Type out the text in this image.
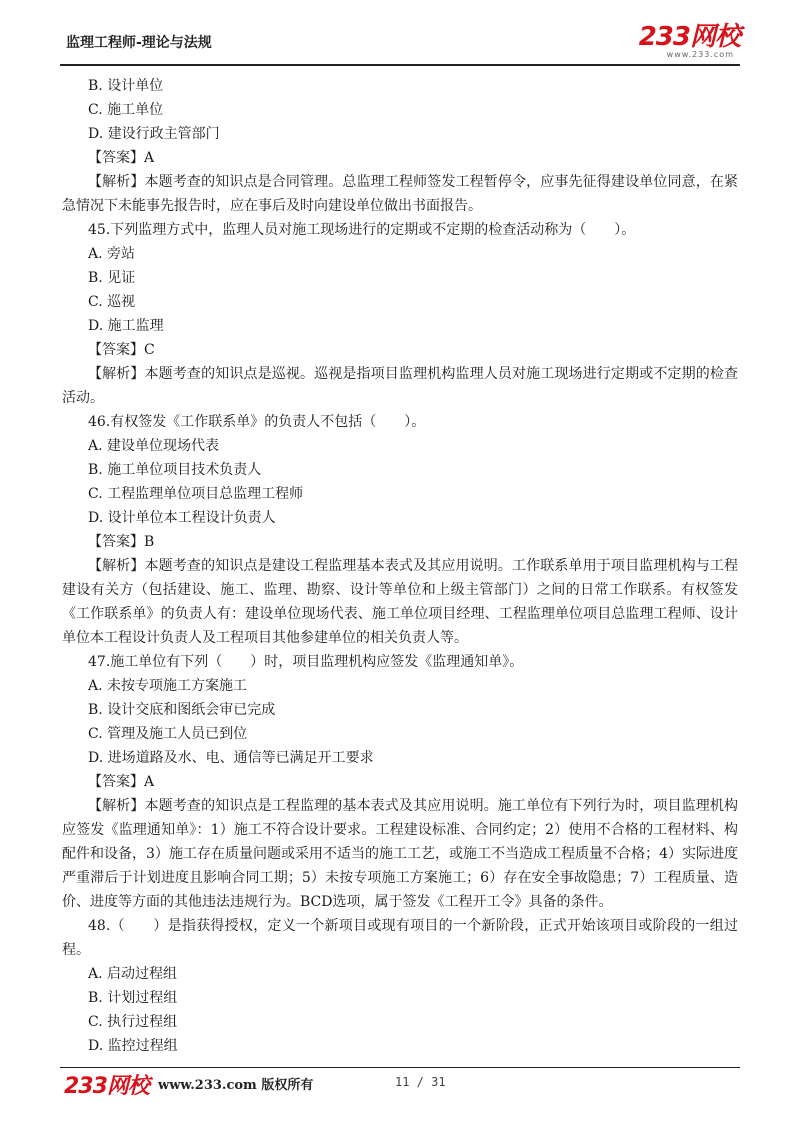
监理工程师-理论与法规	233网校
www.233.com
B. 设计单位
C. 施工单位
D. 建设行政主管部门
【答案】A
【解析】本题考查的知识点是合同管理。总监理工程师签发工程暂停令，应事先征得建设单位同意，在紧急情况下未能事先报告时，应在事后及时向建设单位做出书面报告。
45.下列监理方式中，监理人员对施工现场进行的定期或不定期的检查活动称为（　　）。
A. 旁站
B. 见证
C. 巡视
D. 施工监理
【答案】C
【解析】本题考查的知识点是巡视。巡视是指项目监理机构监理人员对施工现场进行定期或不定期的检查活动。
46.有权签发《工作联系单》的负责人不包括（　　）。
A. 建设单位现场代表
B. 施工单位项目技术负责人
C. 工程监理单位项目总监理工程师
D. 设计单位本工程设计负责人
【答案】B
【解析】本题考查的知识点是建设工程监理基本表式及其应用说明。工作联系单用于项目监理机构与工程建设有关方（包括建设、施工、监理、勘察、设计等单位和上级主管部门）之间的日常工作联系。有权签发《工作联系单》的负责人有：建设单位现场代表、施工单位项目经理、工程监理单位项目总监理工程师、设计单位本工程设计负责人及工程项目其他参建单位的相关负责人等。
47.施工单位有下列（　　）时，项目监理机构应签发《监理通知单》。
A. 未按专项施工方案施工
B. 设计交底和图纸会审已完成
C. 管理及施工人员已到位
D. 进场道路及水、电、通信等已满足开工要求
【答案】A
【解析】本题考查的知识点是工程监理的基本表式及其应用说明。施工单位有下列行为时，项目监理机构应签发《监理通知单》：1）施工不符合设计要求。工程建设标准、合同约定；2）使用不合格的工程材料、构配件和设备，3）施工存在质量问题或采用不适当的施工工艺，或施工不当造成工程质量不合格；4）实际进度严重滞后于计划进度且影响合同工期；5）未按专项施工方案施工；6）存在安全事故隐患；7）工程质量、造价、进度等方面的其他违法违规行为。BCD选项，属于签发《工程开工令》具备的条件。
48.（　　）是指获得授权，定义一个新项目或现有项目的一个新阶段，正式开始该项目或阶段的一组过程。
A. 启动过程组
B. 计划过程组
C. 执行过程组
D. 监控过程组
233网校 www.233.com 版权所有	11 / 31
